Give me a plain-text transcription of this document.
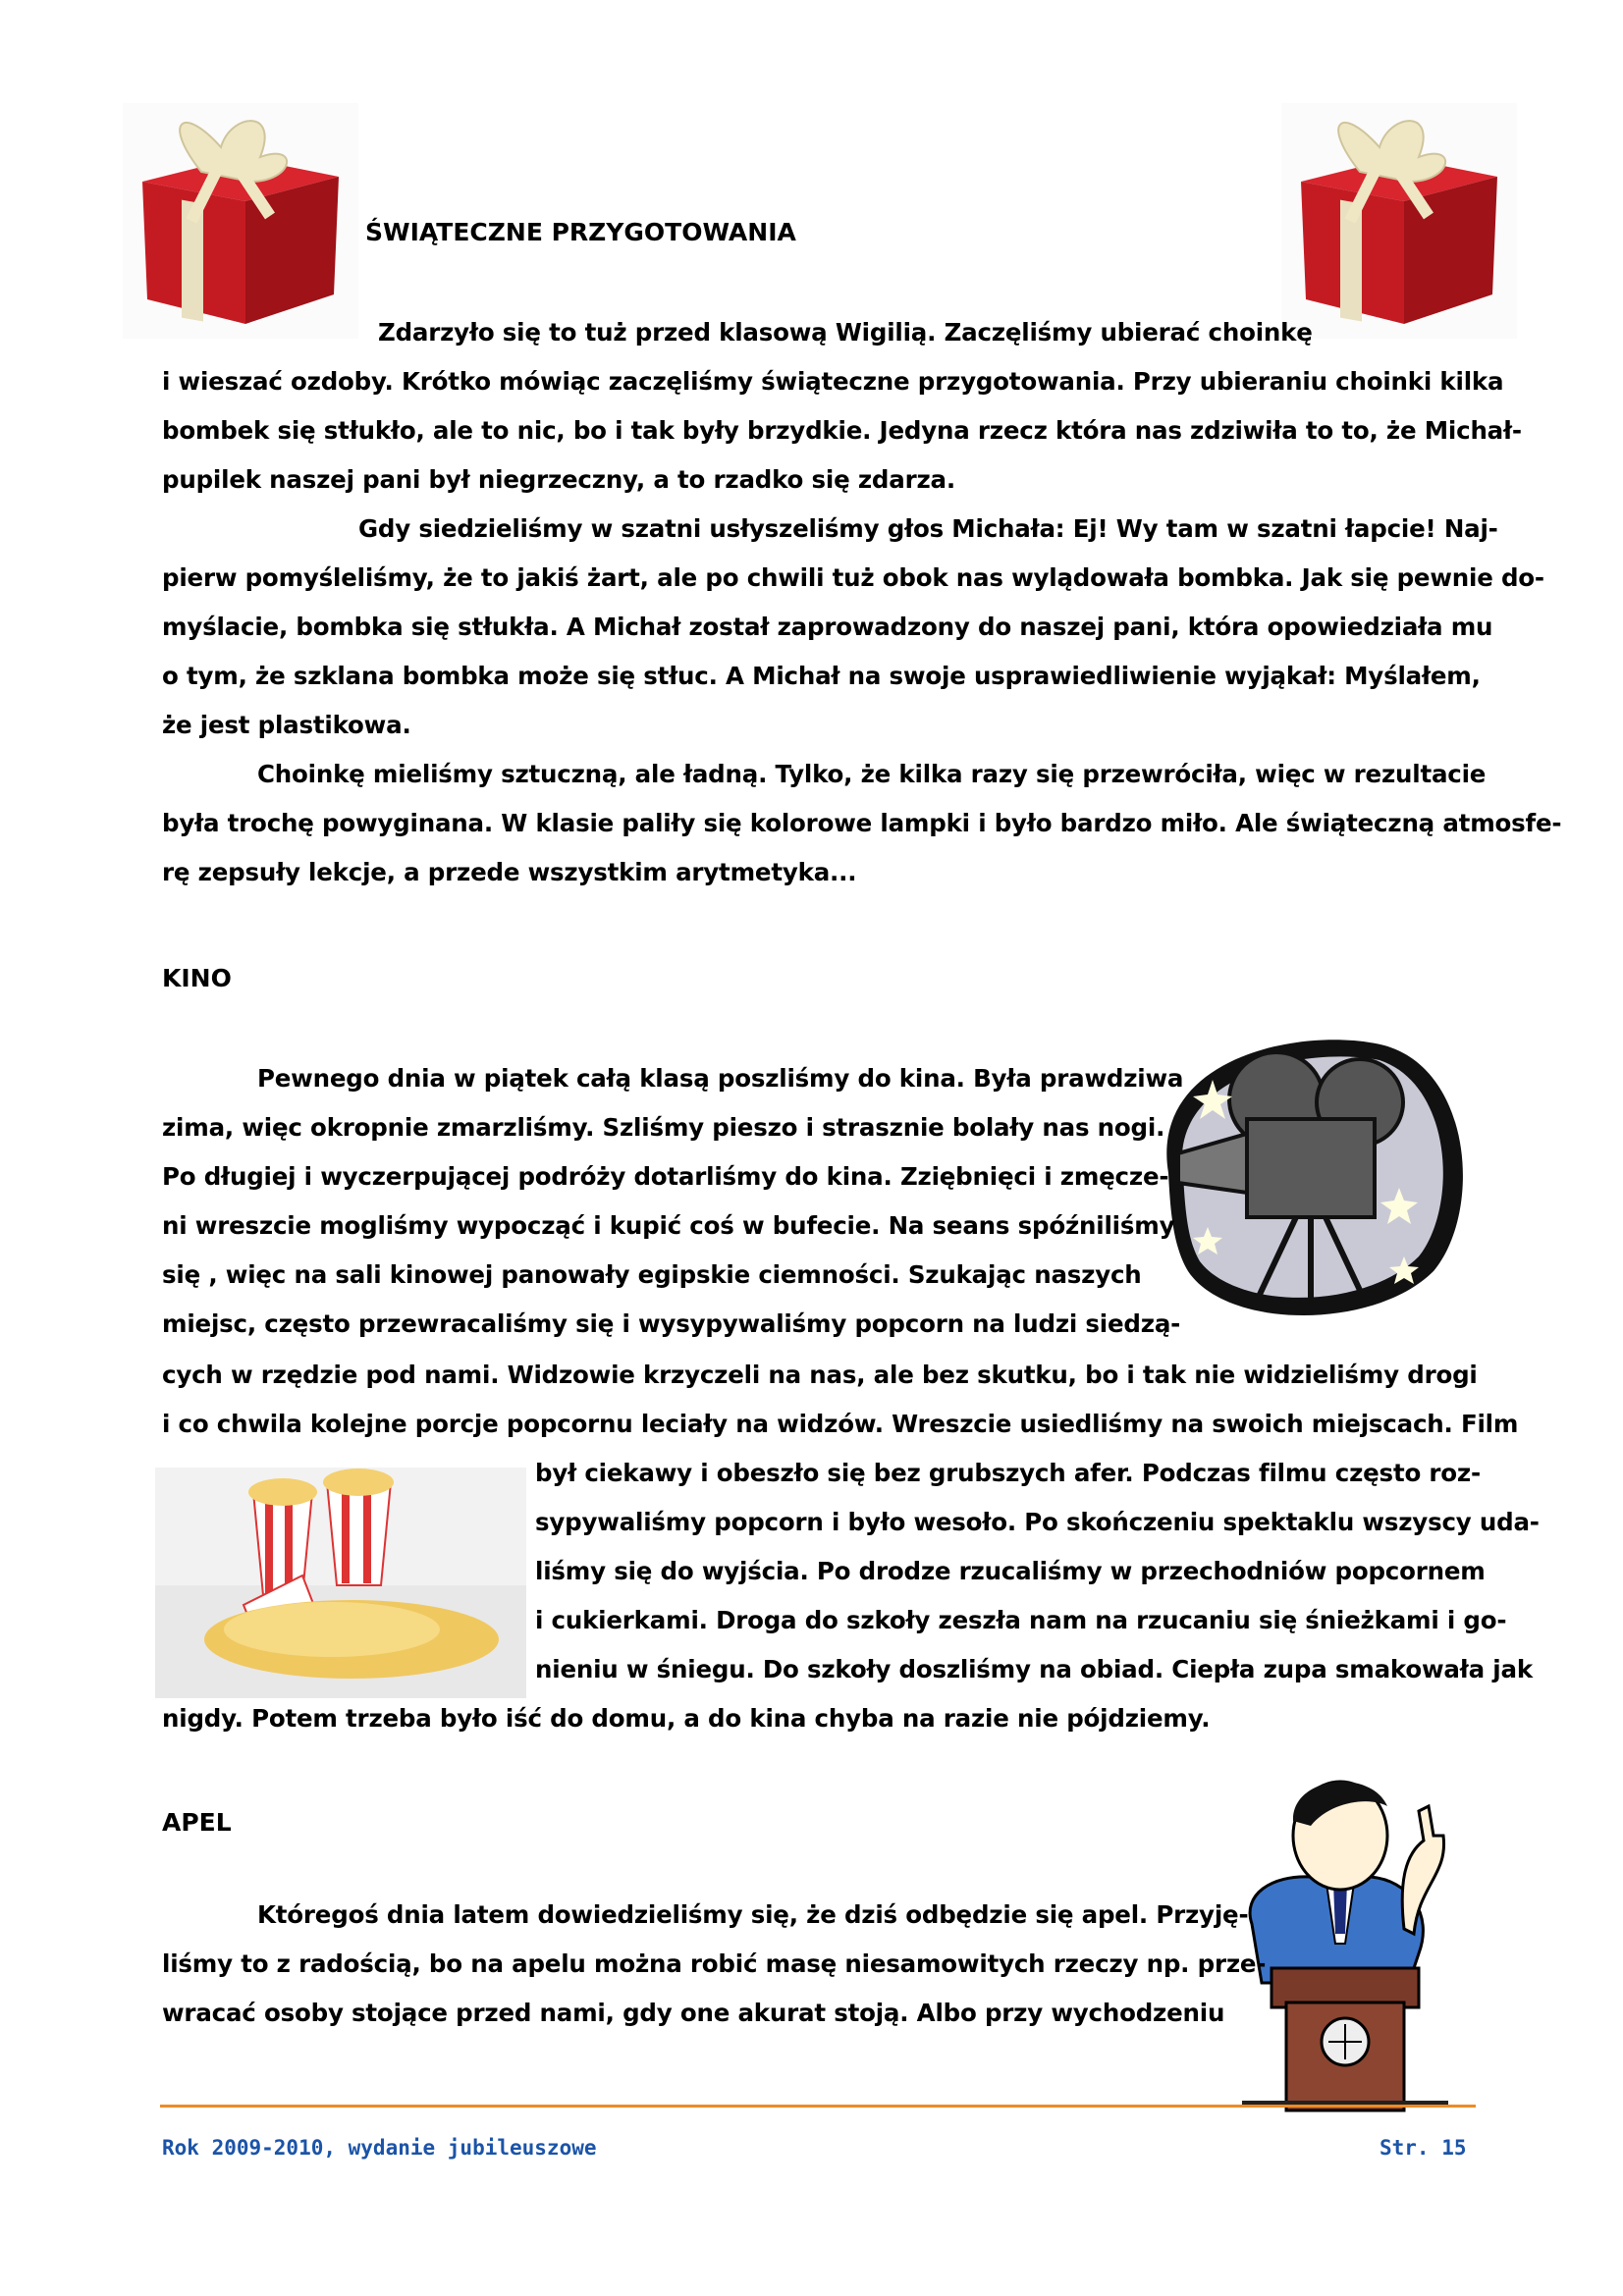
ŚWIĄTECZNE PRZYGOTOWANIA
Zdarzyło się to tuż przed klasową Wigilią. Zaczęliśmy ubierać choinkę
i wieszać ozdoby. Krótko mówiąc zaczęliśmy świąteczne przygotowania. Przy ubieraniu choinki kilka
bombek się stłukło, ale to nic, bo i tak były brzydkie. Jedyna rzecz która nas zdziwiła to to, że Michał-
pupilek naszej pani był niegrzeczny, a to rzadko się zdarza.
Gdy siedzieliśmy w szatni usłyszeliśmy głos Michała: Ej! Wy tam w szatni łapcie! Naj-
pierw pomyśleliśmy, że to jakiś żart, ale po chwili tuż obok nas wylądowała bombka. Jak się pewnie do-
myślacie, bombka się stłukła. A Michał został zaprowadzony do naszej pani, która opowiedziała mu
o tym, że szklana bombka może się stłuc. A Michał na swoje usprawiedliwienie wyjąkał: Myślałem,
że jest plastikowa.
Choinkę mieliśmy sztuczną, ale ładną. Tylko, że kilka razy się przewróciła, więc w rezultacie
była trochę powyginana. W klasie paliły się kolorowe lampki i było bardzo miło. Ale świąteczną atmosfe-
rę zepsuły lekcje, a przede wszystkim arytmetyka...
KINO
Pewnego dnia w piątek całą klasą poszliśmy do kina. Była prawdziwa
zima, więc okropnie zmarzliśmy. Szliśmy pieszo i strasznie bolały nas nogi.
Po długiej i wyczerpującej podróży dotarliśmy do kina. Zziębnięci i zmęcze-
ni wreszcie mogliśmy wypocząć i kupić coś w bufecie. Na seans spóźniliśmy
się , więc na sali kinowej panowały egipskie ciemności. Szukając naszych
miejsc, często przewracaliśmy się i wysypywaliśmy popcorn na ludzi siedzą-
cych w rzędzie pod nami. Widzowie krzyczeli na nas, ale bez skutku, bo i tak nie widzieliśmy drogi
i co chwila kolejne porcje popcornu leciały na widzów. Wreszcie usiedliśmy na swoich miejscach. Film
był ciekawy i obeszło się bez grubszych afer. Podczas filmu często roz-
sypywaliśmy popcorn i było wesoło. Po skończeniu spektaklu wszyscy uda-
liśmy się do wyjścia. Po drodze rzucaliśmy w przechodniów popcornem
i cukierkami. Droga do szkoły zeszła nam na rzucaniu się śnieżkami i go-
nieniu w śniegu. Do szkoły doszliśmy na obiad. Ciepła zupa smakowała jak
nigdy. Potem trzeba było iść do domu, a do kina chyba na razie nie pójdziemy.
APEL
Któregoś dnia latem dowiedzieliśmy się, że dziś odbędzie się apel. Przyję-
liśmy to z radością, bo na apelu można robić masę niesamowitych rzeczy np. prze-
wracać osoby stojące przed nami, gdy one akurat stoją. Albo przy wychodzeniu
Rok 2009-2010, wydanie jubileuszowe	Str. 15
